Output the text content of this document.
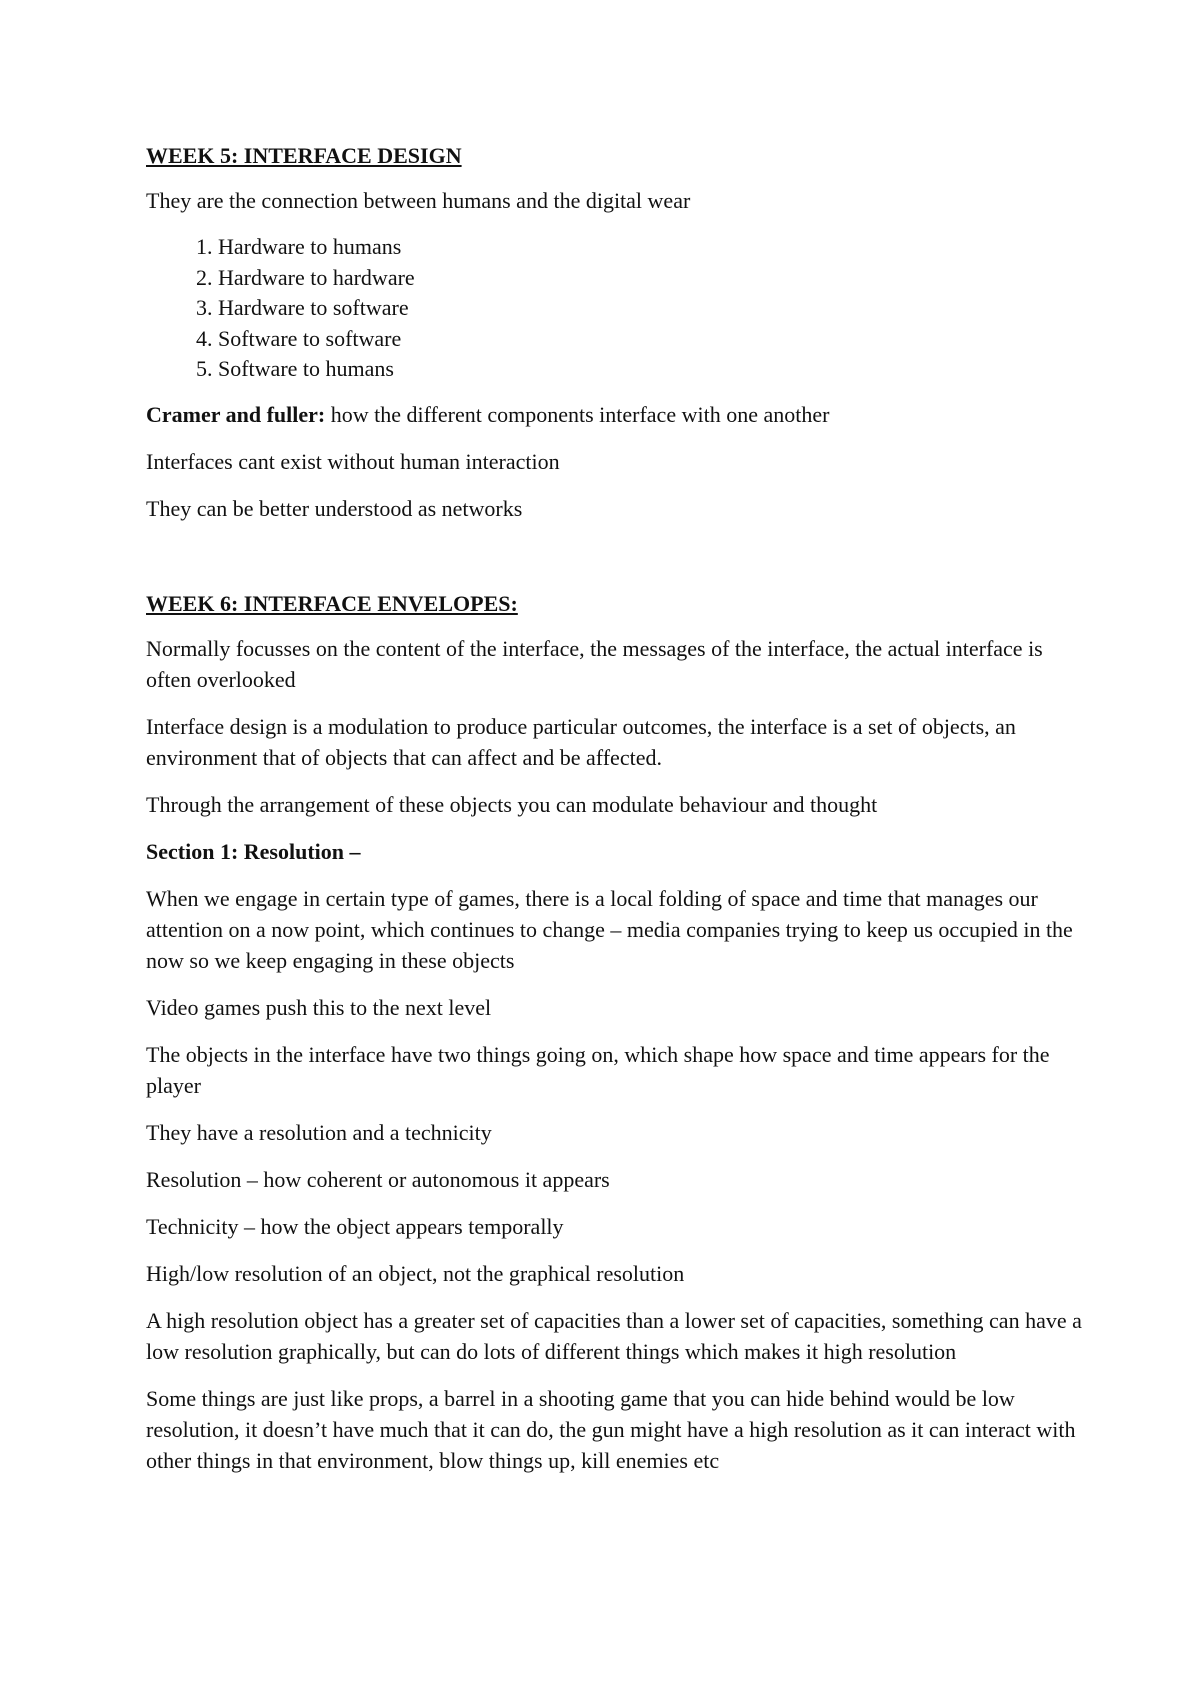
WEEK 5: INTERFACE DESIGN

They are the connection between humans and the digital wear

1. Hardware to humans
2. Hardware to hardware
3. Hardware to software
4. Software to software
5. Software to humans

Cramer and fuller: how the different components interface with one another

Interfaces cant exist without human interaction

They can be better understood as networks

WEEK 6: INTERFACE ENVELOPES:

Normally focusses on the content of the interface, the messages of the interface, the actual interface is often overlooked

Interface design is a modulation to produce particular outcomes, the interface is a set of objects, an environment that of objects that can affect and be affected.

Through the arrangement of these objects you can modulate behaviour and thought

Section 1: Resolution –

When we engage in certain type of games, there is a local folding of space and time that manages our attention on a now point, which continues to change – media companies trying to keep us occupied in the now so we keep engaging in these objects

Video games push this to the next level

The objects in the interface have two things going on, which shape how space and time appears for the player

They have a resolution and a technicity

Resolution – how coherent or autonomous it appears

Technicity – how the object appears temporally

High/low resolution of an object, not the graphical resolution

A high resolution object has a greater set of capacities than a lower set of capacities, something can have a low resolution graphically, but can do lots of different things which makes it high resolution

Some things are just like props, a barrel in a shooting game that you can hide behind would be low resolution, it doesn’t have much that it can do, the gun might have a high resolution as it can interact with other things in that environment, blow things up, kill enemies etc
